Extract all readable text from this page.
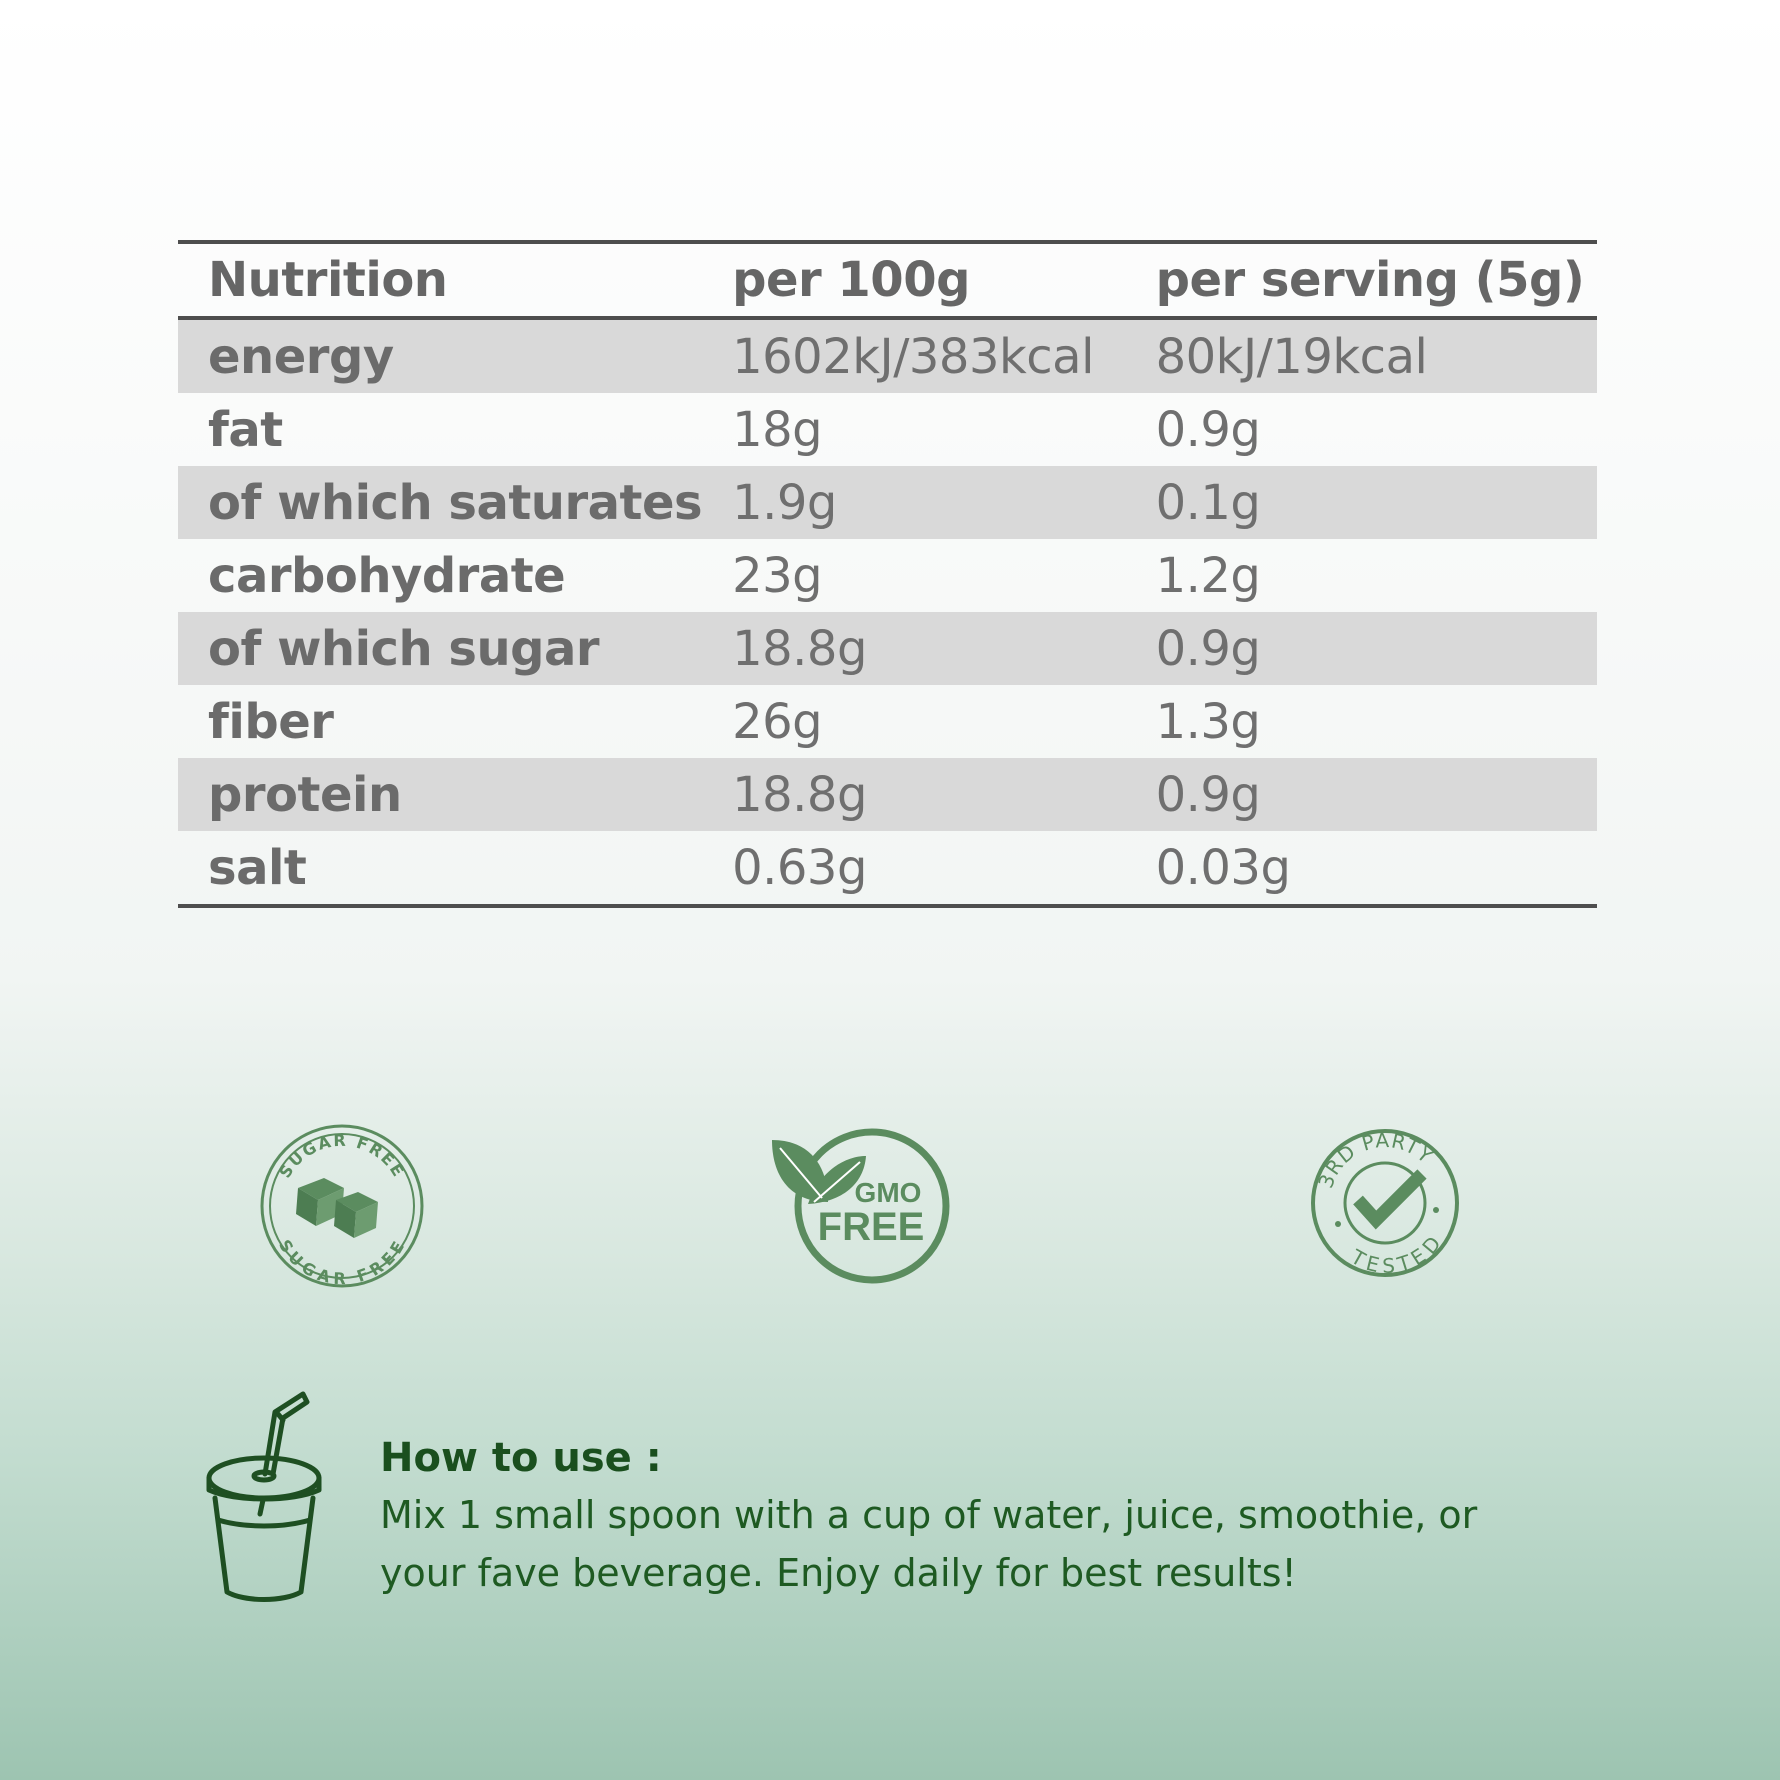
Nutrition	per 100g	per serving (5g)
energy	1602kJ/383kcal	80kJ/19kcal
fat	18g	0.9g
of which saturates	1.9g	0.1g
carbohydrate	23g	1.2g
of which sugar	18.8g	0.9g
fiber	26g	1.3g
protein	18.8g	0.9g
salt	0.63g	0.03g
SUGAR FREE
SUGAR FREE
GMO
FREE
3RD PARTY
TESTED
How to use :
Mix 1 small spoon with a cup of water, juice, smoothie, or
your fave beverage. Enjoy daily for best results!
